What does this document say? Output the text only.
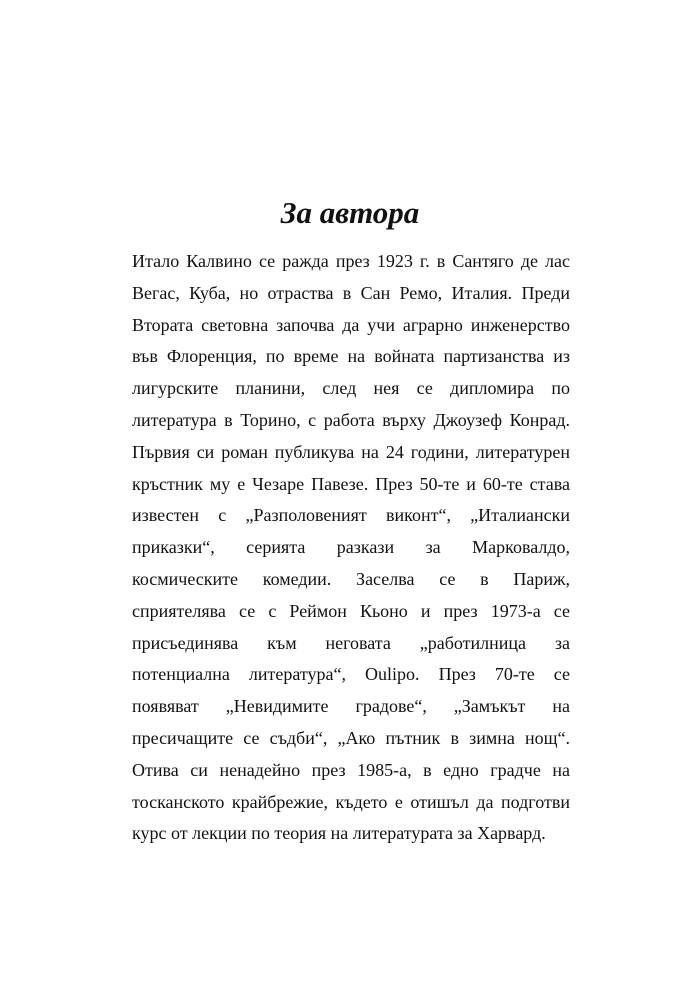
За автора
Итало Калвино се ражда през 1923 г. в Сантяго де лас
Вегас, Куба, но отраства в Сан Ремо, Италия. Преди
Втората световна започва да учи аграрно инженерство
във Флоренция, по време на войната партизанства из
лигурските планини, след нея се дипломира по
литература в Торино, с работа върху Джоузеф Конрад.
Първия си роман публикува на 24 години, литературен
кръстник му е Чезаре Павезе. През 50-те и 60-те става
известен с „Разполовеният виконт“, „Италиански
приказки“, серията разкази за Марковалдо,
космическите комедии. Заселва се в Париж,
сприятелява се с Реймон Кьоно и през 1973-а се
присъединява към неговата „работилница за
потенциална литература“, Ouliро. През 70-те се
появяват „Невидимите градове“, „Замъкът на
пресичащите се съдби“, „Ако пътник в зимна нощ“.
Отива си ненадейно през 1985-а, в едно градче на
тосканското крайбрежие, където е отишъл да подготви
курс от лекции по теория на литературата за Харвард.
